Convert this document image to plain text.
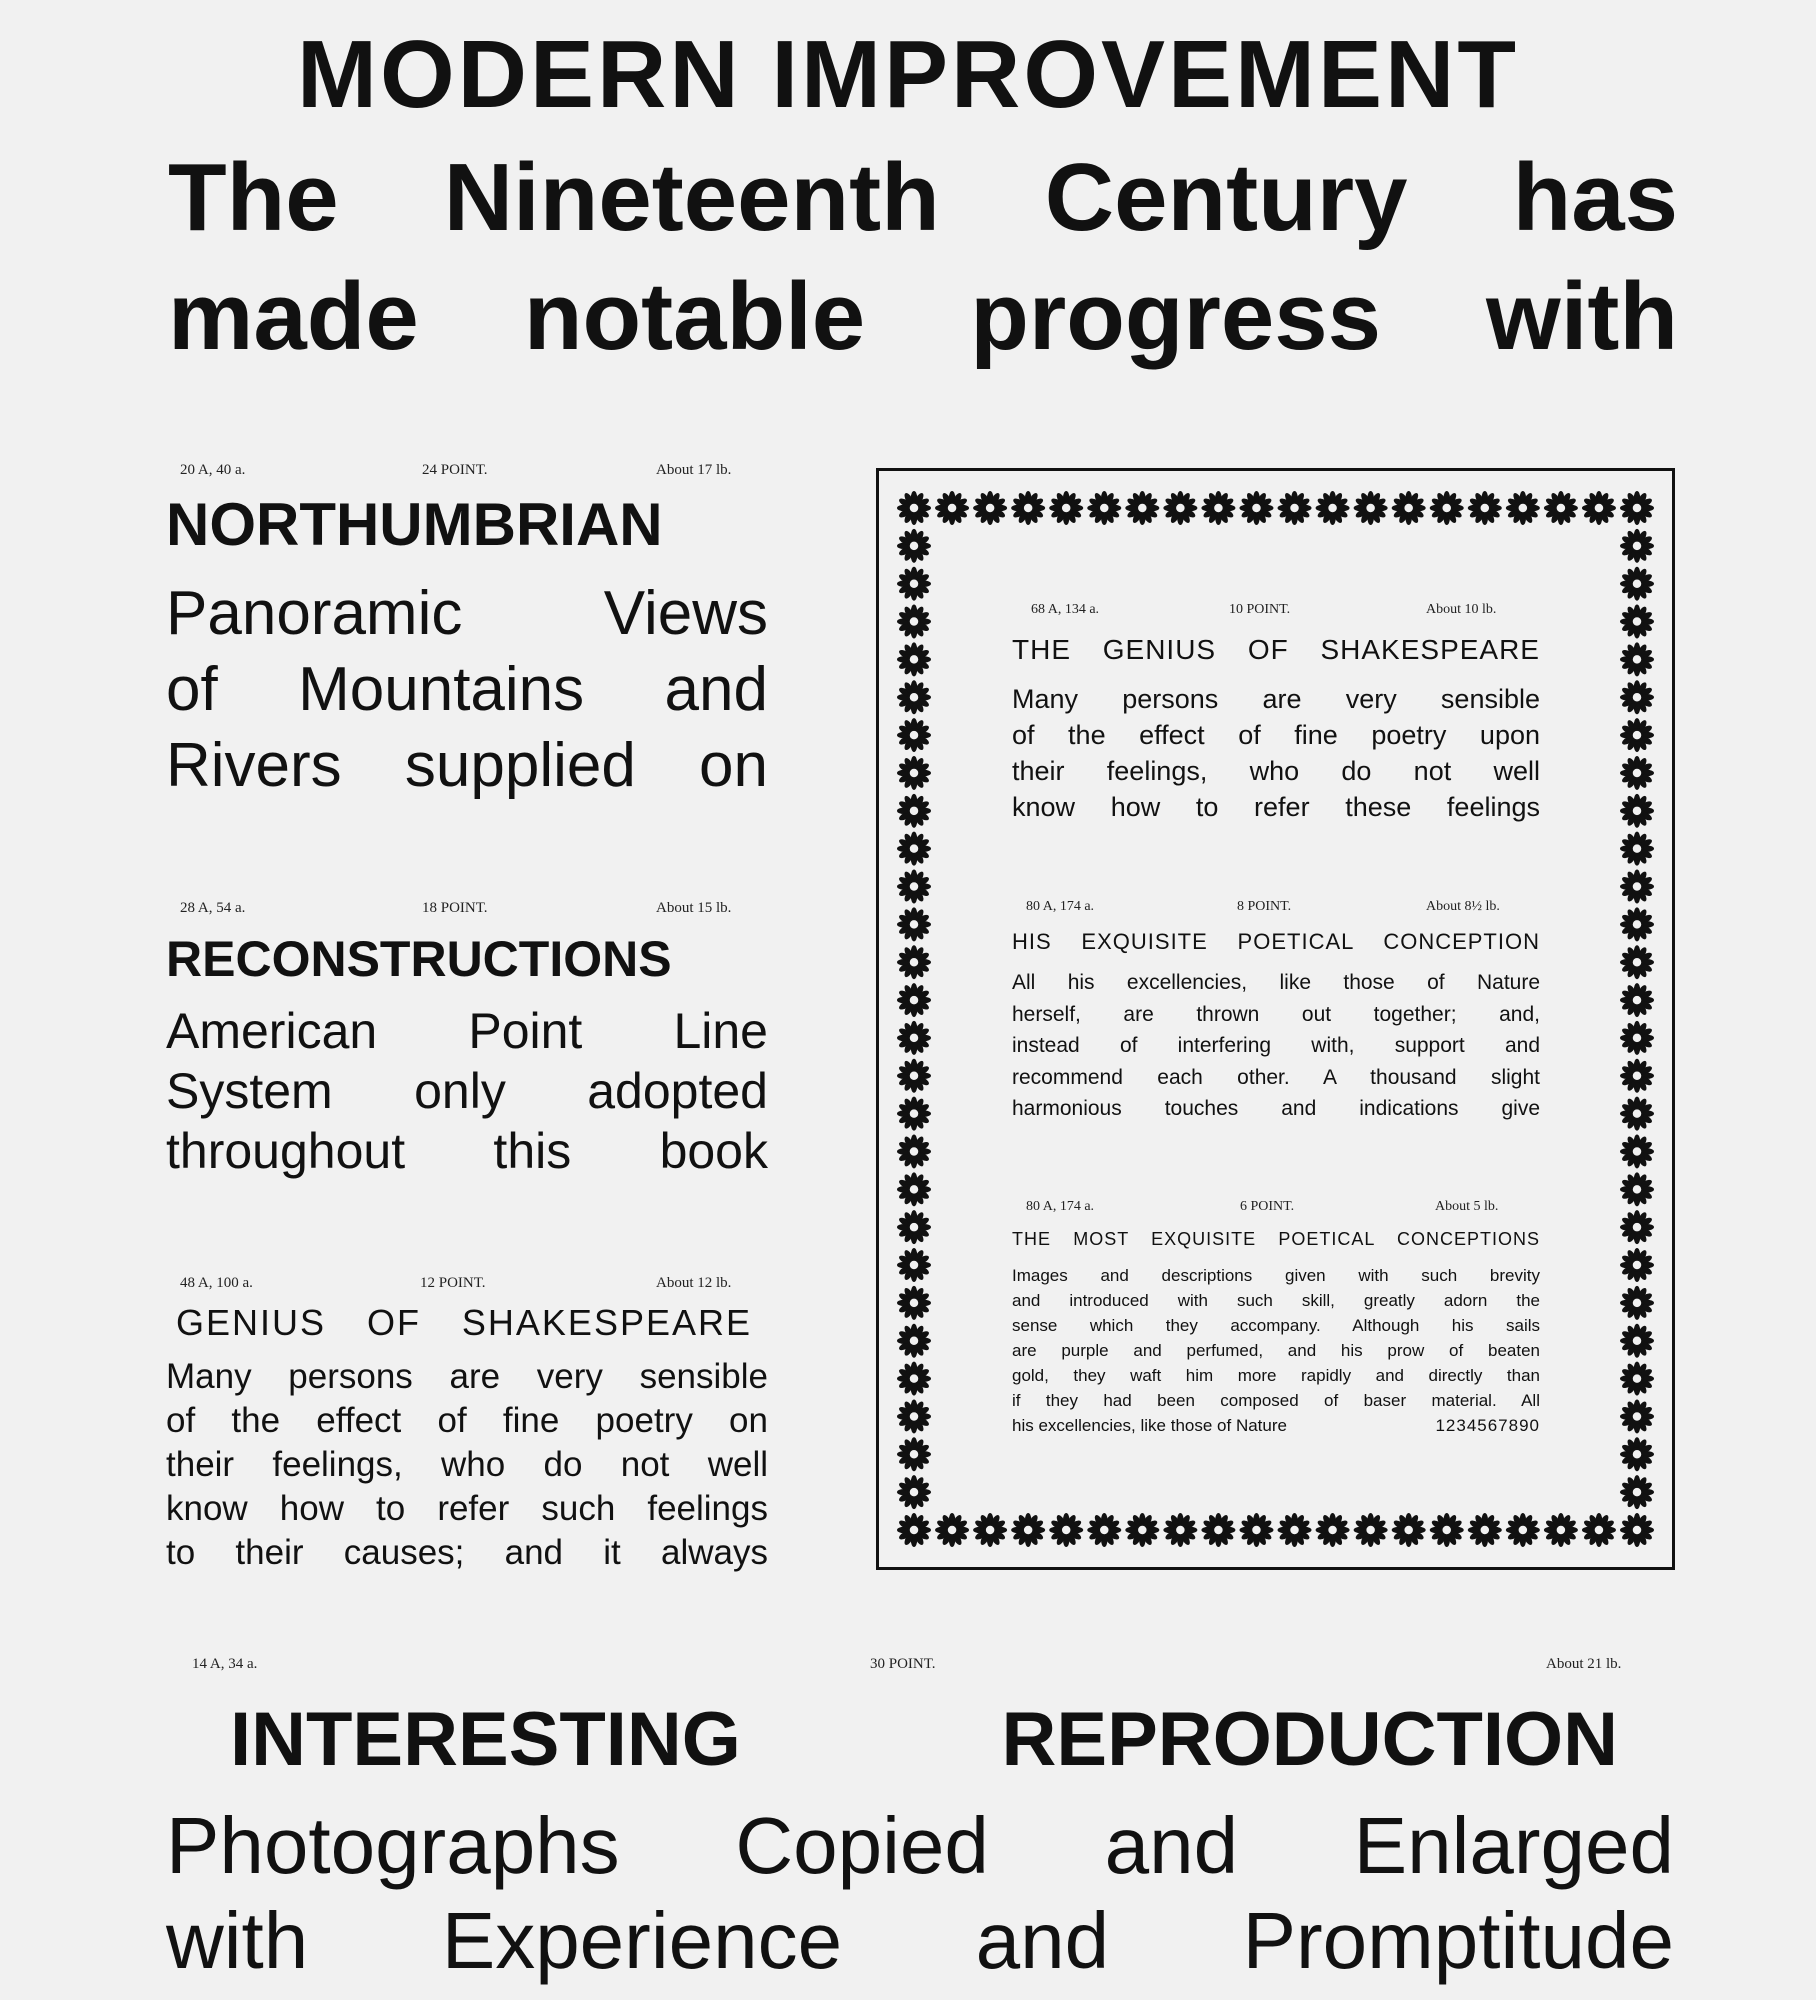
MODERN IMPROVEMENT
The Nineteenth Century has
made notable progress with
20 A, 40 a.	24 POINT.	About 17 lb.
NORTHUMBRIAN
Panoramic Views
of Mountains and
Rivers supplied on
28 A, 54 a.	18 POINT.	About 15 lb.
RECONSTRUCTIONS
American Point Line
System only adopted
throughout this book
48 A, 100 a.	12 POINT.	About 12 lb.
GENIUS OF SHAKESPEARE
Many persons are very sensible
of the effect of fine poetry on
their feelings, who do not well
know how to refer such feelings
to their causes; and it always
68 A, 134 a.	10 POINT.	About 10 lb.
THE GENIUS OF SHAKESPEARE
Many persons are very sensible
of the effect of fine poetry upon
their feelings, who do not well
know how to refer these feelings
80 A, 174 a.	8 POINT.	About 8½ lb.
HIS EXQUISITE POETICAL CONCEPTION
All his excellencies, like those of Nature
herself, are thrown out together; and,
instead of interfering with, support and
recommend each other. A thousand slight
harmonious touches and indications give
80 A, 174 a.	6 POINT.	About 5 lb.
THE MOST EXQUISITE POETICAL CONCEPTIONS
Images and descriptions given with such brevity
and introduced with such skill, greatly adorn the
sense which they accompany. Although his sails
are purple and perfumed, and his prow of beaten
gold, they waft him more rapidly and directly than
if they had been composed of baser material. All
his excellencies, like those of Nature	1234567890
14 A, 34 a.	30 POINT.	About 21 lb.
INTERESTING REPRODUCTION
Photographs Copied and Enlarged
with Experience and Promptitude
